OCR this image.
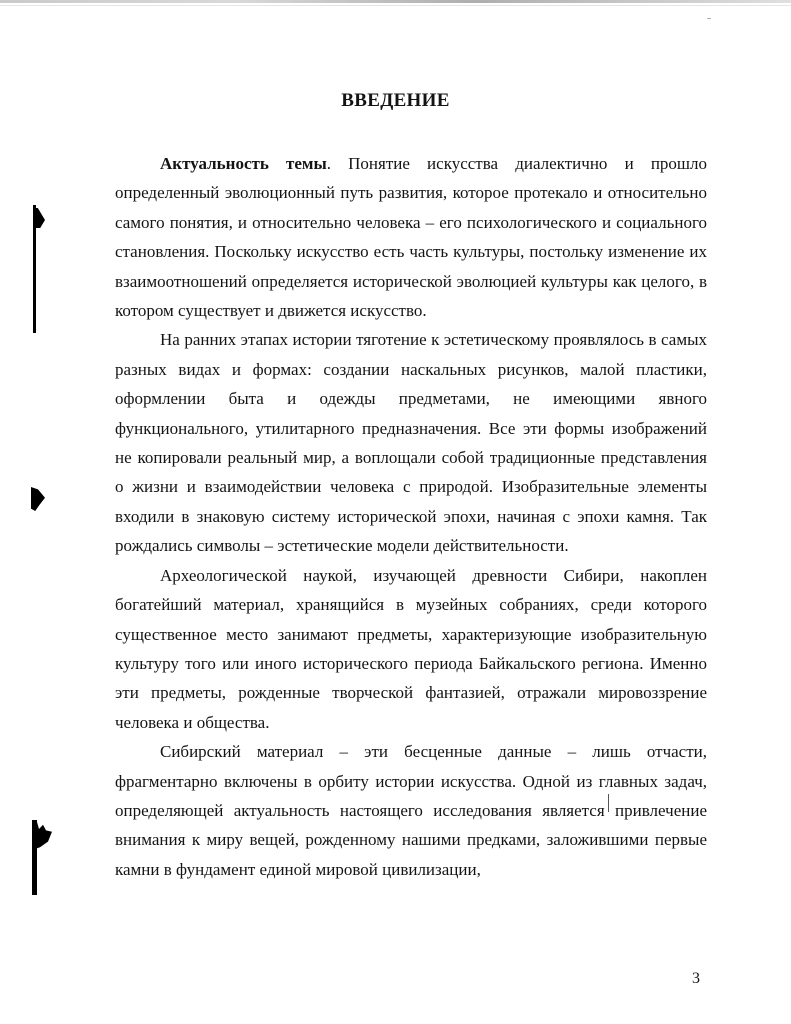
ВВЕДЕНИЕ

Актуальность темы. Понятие искусства диалектично и прошло определенный эволюционный путь развития, которое протекало и относительно самого понятия, и относительно человека – его психологического и социального становления. Поскольку искусство есть часть культуры, постольку изменение их взаимоотношений определяется исторической эволюцией культуры как целого, в котором существует и движется искусство.

На ранних этапах истории тяготение к эстетическому проявлялось в самых разных видах и формах: создании наскальных рисунков, малой пластики, оформлении быта и одежды предметами, не имеющими явного функционального, утилитарного предназначения. Все эти формы изображений не копировали реальный мир, а воплощали собой традиционные представления о жизни и взаимодействии человека с природой. Изобразительные элементы входили в знаковую систему исторической эпохи, начиная с эпохи камня. Так рождались символы – эстетические модели действительности.

Археологической наукой, изучающей древности Сибири, накоплен богатейший материал, хранящийся в музейных собраниях, среди которого существенное место занимают предметы, характеризующие изобразительную культуру того или иного исторического периода Байкальского региона. Именно эти предметы, рожденные творческой фантазией, отражали мировоззрение человека и общества.

Сибирский материал – эти бесценные данные – лишь отчасти, фрагментарно включены в орбиту истории искусства. Одной из главных задач, определяющей актуальность настоящего исследования является привлечение внимания к миру вещей, рожденному нашими предками, заложившими первые камни в фундамент единой мировой цивилизации,

3
